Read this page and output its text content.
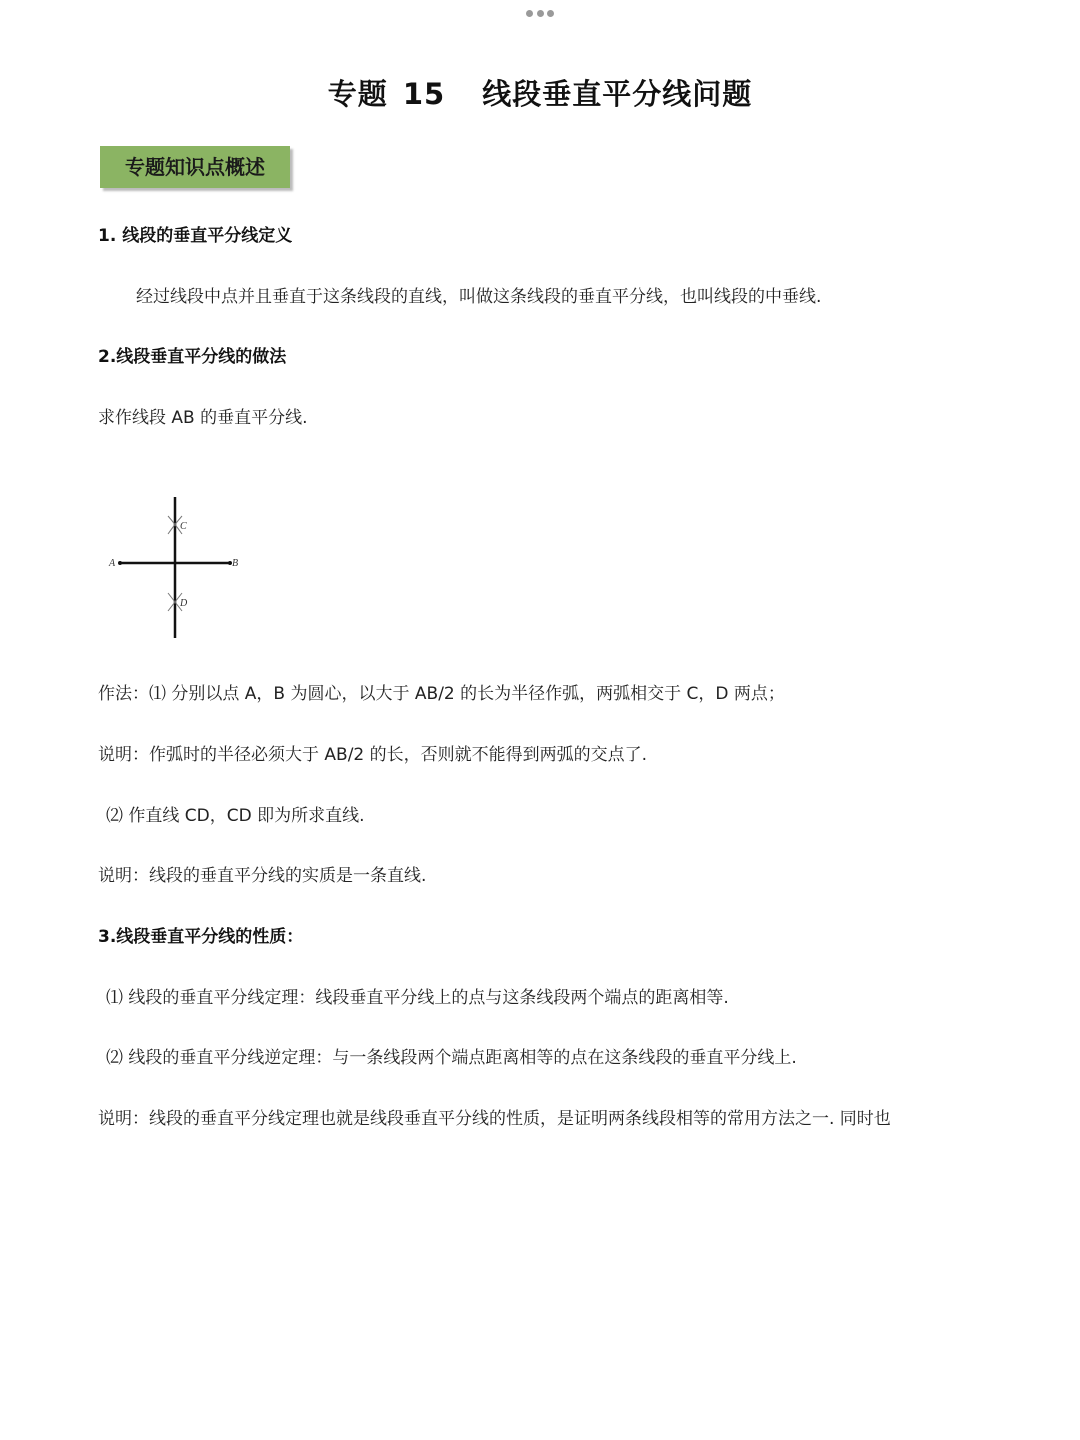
专题 15 线段垂直平分线问题
专题知识点概述
1. 线段的垂直平分线定义
经过线段中点并且垂直于这条线段的直线，叫做这条线段的垂直平分线，也叫线段的中垂线.
2.线段垂直平分线的做法
求作线段 AB 的垂直平分线.
A	B
C
D
作法：⑴ 分别以点 A，B 为圆心，以大于 AB/2 的长为半径作弧，两弧相交于 C，D 两点；
说明：作弧时的半径必须大于 AB/2 的长，否则就不能得到两弧的交点了.
⑵ 作直线 CD，CD 即为所求直线.
说明：线段的垂直平分线的实质是一条直线.
3.线段垂直平分线的性质：
⑴ 线段的垂直平分线定理：线段垂直平分线上的点与这条线段两个端点的距离相等.
⑵ 线段的垂直平分线逆定理：与一条线段两个端点距离相等的点在这条线段的垂直平分线上.
说明：线段的垂直平分线定理也就是线段垂直平分线的性质，是证明两条线段相等的常用方法之一. 同时也
